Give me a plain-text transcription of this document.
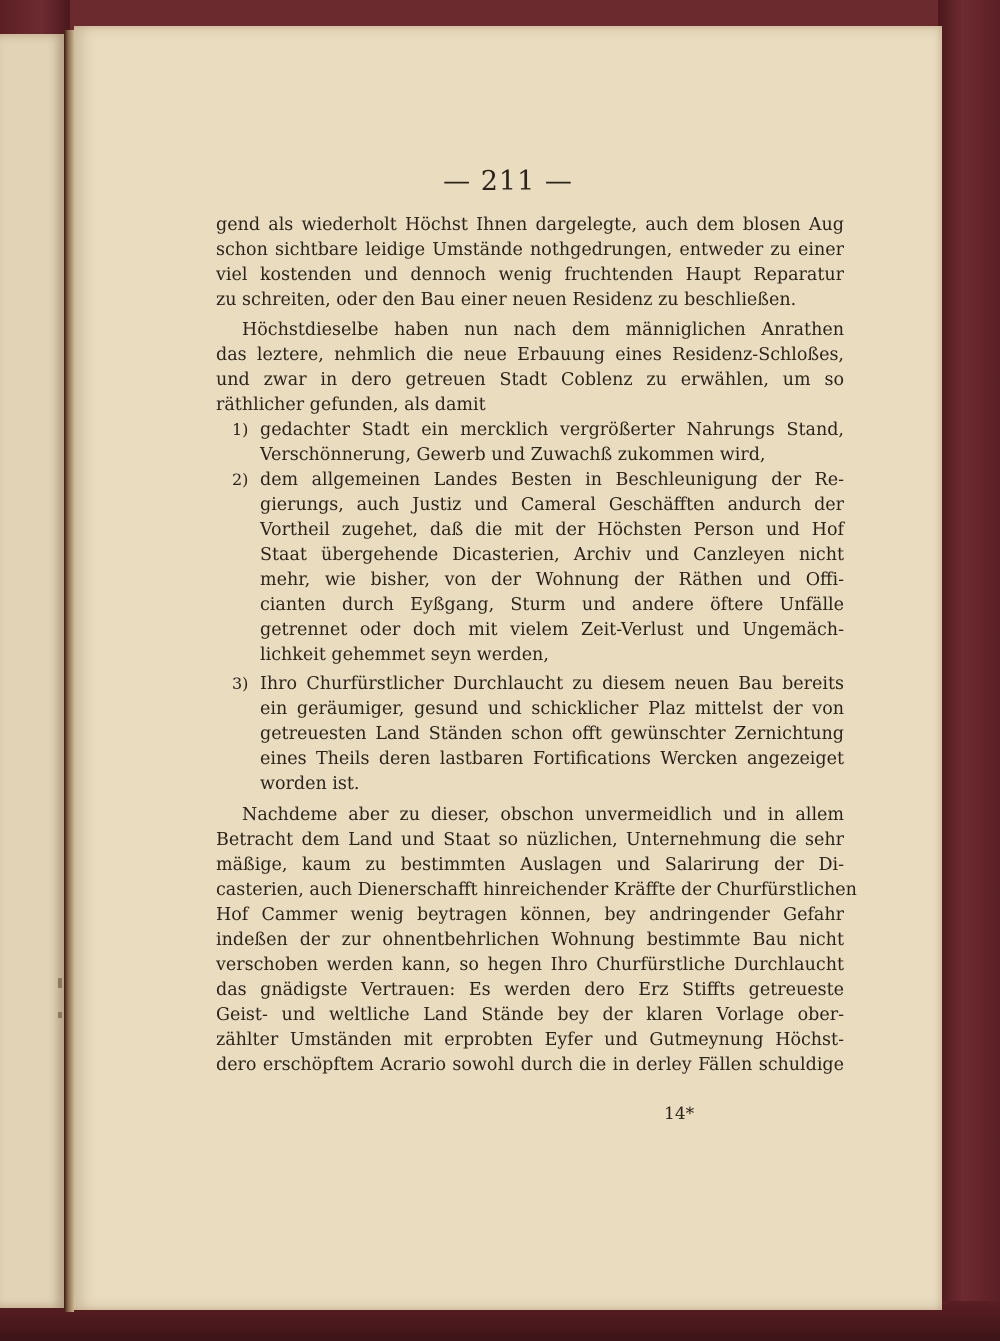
— 211 —
gend als wiederholt Höchst Ihnen dargelegte, auch dem blosen Aug
schon sichtbare leidige Umstände nothgedrungen, entweder zu einer
viel kostenden und dennoch wenig fruchtenden Haupt Reparatur
zu schreiten, oder den Bau einer neuen Residenz zu beschließen.
Höchstdieselbe haben nun nach dem männiglichen Anrathen
das leztere, nehmlich die neue Erbauung eines Residenz-Schloßes,
und zwar in dero getreuen Stadt Coblenz zu erwählen, um so
räthlicher gefunden, als damit
1) gedachter Stadt ein mercklich vergrößerter Nahrungs Stand,
Verschönnerung, Gewerb und Zuwachß zukommen wird,
2) dem allgemeinen Landes Besten in Beschleunigung der Re-
gierungs, auch Justiz und Cameral Geschäfften andurch der
Vortheil zugehet, daß die mit der Höchsten Person und Hof
Staat übergehende Dicasterien, Archiv und Canzleyen nicht
mehr, wie bisher, von der Wohnung der Räthen und Offi-
cianten durch Eyßgang, Sturm und andere öftere Unfälle
getrennet oder doch mit vielem Zeit-Verlust und Ungemäch-
lichkeit gehemmet seyn werden,
3) Ihro Churfürstlicher Durchlaucht zu diesem neuen Bau bereits
ein geräumiger, gesund und schicklicher Plaz mittelst der von
getreuesten Land Ständen schon offt gewünschter Zernichtung
eines Theils deren lastbaren Fortifications Wercken angezeiget
worden ist.
Nachdeme aber zu dieser, obschon unvermeidlich und in allem
Betracht dem Land und Staat so nüzlichen, Unternehmung die sehr
mäßige, kaum zu bestimmten Auslagen und Salarirung der Di-
casterien, auch Dienerschafft hinreichender Kräffte der Churfürstlichen
Hof Cammer wenig beytragen können, bey andringender Gefahr
indeßen der zur ohnentbehrlichen Wohnung bestimmte Bau nicht
verschoben werden kann, so hegen Ihro Churfürstliche Durchlaucht
das gnädigste Vertrauen: Es werden dero Erz Stiffts getreueste
Geist- und weltliche Land Stände bey der klaren Vorlage ober-
zählter Umständen mit erprobten Eyfer und Gutmeynung Höchst-
dero erschöpftem Acrario sowohl durch die in derley Fällen schuldige
14*
